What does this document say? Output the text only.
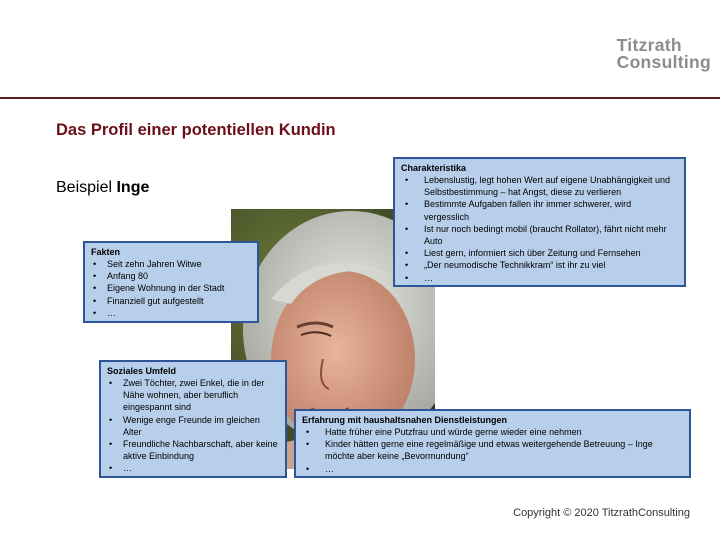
Titzrath
Consulting
Das Profil einer potentiellen Kundin
Beispiel Inge
Charakteristika
• Lebenslustig, legt hohen Wert auf eigene Unabhängigkeit und Selbstbestimmung – hat Angst, diese zu verlieren
• Bestimmte Aufgaben fallen ihr immer schwerer, wird vergesslich
• Ist nur noch bedingt mobil (braucht Rollator), fährt nicht mehr Auto
• Liest gern, informiert sich über Zeitung und Fernsehen
• „Der neumodische Technikkram“ ist ihr zu viel
• …
Fakten
• Seit zehn Jahren Witwe
• Anfang 80
• Eigene Wohnung in der Stadt
• Finanziell gut aufgestellt
• …
Soziales Umfeld
• Zwei Töchter, zwei Enkel, die in der Nähe wohnen, aber beruflich eingespannt sind
• Wenige enge Freunde im gleichen Alter
• Freundliche Nachbarschaft, aber keine aktive Einbindung
• …
Erfahrung mit haushaltsnahen Dienstleistungen
• Hatte früher eine Putzfrau und würde gerne wieder eine nehmen
• Kinder hätten gerne eine regelmäßige und etwas weitergehende Betreuung – Inge möchte aber keine „Bevormundung“
• …
Copyright © 2020 TitzrathConsulting
